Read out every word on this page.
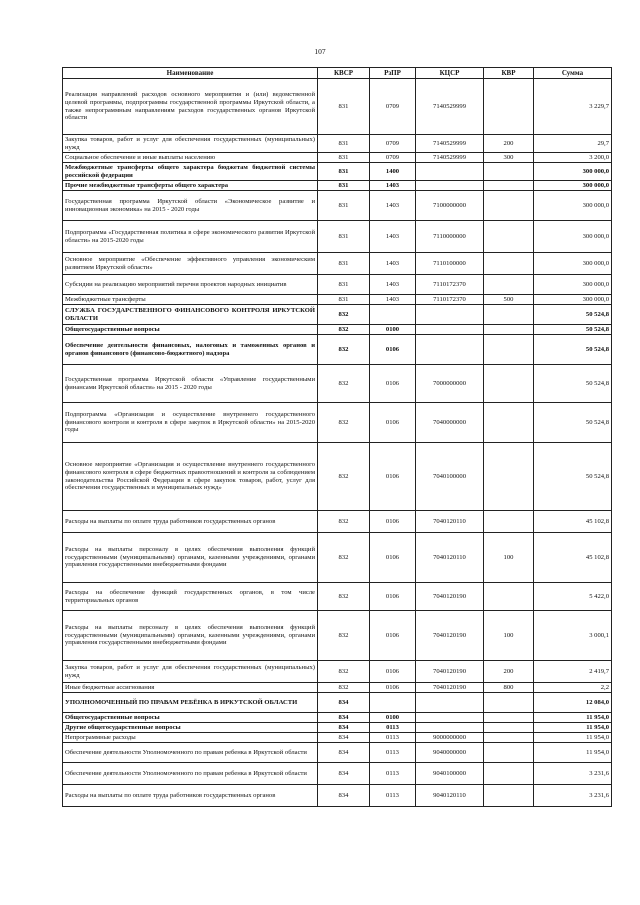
107
Наименование	КВСР	РзПР	КЦСР	КВР	Сумма
Реализация направлений расходов основного мероприятия и (или) ведомственной целевой программы, подпрограммы государственной программы Иркутской области, а также непрограммным направлениям расходов государственных органов Иркутской области	831	0709	7140529999		3 229,7
Закупка товаров, работ и услуг для обеспечения государственных (муниципальных) нужд	831	0709	7140529999	200	29,7
Социальное обеспечение и иные выплаты населению	831	0709	7140529999	300	3 200,0
Межбюджетные трансферты общего характера бюджетам бюджетной системы российской федерации	831	1400			300 000,0
Прочие межбюджетные трансферты общего характера	831	1403			300 000,0
Государственная программа Иркутской области «Экономическое развитие и инновационная экономика» на 2015 - 2020 годы	831	1403	7100000000		300 000,0
Подпрограмма «Государственная политика в сфере экономического развития Иркутской области» на 2015-2020 годы	831	1403	7110000000		300 000,0
Основное мероприятие «Обеспечение эффективного управления экономическим развитием Иркутской области»	831	1403	7110100000		300 000,0
Субсидии на реализацию мероприятий перечня проектов народных инициатив	831	1403	7110172370		300 000,0
Межбюджетные трансферты	831	1403	7110172370	500	300 000,0
СЛУЖБА ГОСУДАРСТВЕННОГО ФИНАНСОВОГО КОНТРОЛЯ ИРКУТСКОЙ ОБЛАСТИ	832				50 524,8
Общегосударственные вопросы	832	0100			50 524,8
Обеспечение деятельности финансовых, налоговых и таможенных органов и органов финансового (финансово-бюджетного) надзора	832	0106			50 524,8
Государственная программа Иркутской области «Управление государственными финансами Иркутской области» на 2015 - 2020 годы	832	0106	7000000000		50 524,8
Подпрограмма «Организация и осуществление внутреннего государственного финансового контроля и контроля в сфере закупок в Иркутской области» на 2015-2020 годы	832	0106	7040000000		50 524,8
Основное мероприятие «Организация и осуществление внутреннего государственного финансового контроля в сфере бюджетных правоотношений и контроля за соблюдением законодательства Российской Федерации в сфере закупок товаров, работ, услуг для обеспечения государственных и муниципальных нужд»	832	0106	7040100000		50 524,8
Расходы на выплаты по оплате труда работников государственных органов	832	0106	7040120110		45 102,8
Расходы на выплаты персоналу в целях обеспечения выполнения функций государственными (муниципальными) органами, казенными учреждениями, органами управления государственными внебюджетными фондами	832	0106	7040120110	100	45 102,8
Расходы на обеспечение функций государственных органов, в том числе территориальных органов	832	0106	7040120190		5 422,0
Расходы на выплаты персоналу в целях обеспечения выполнения функций государственными (муниципальными) органами, казенными учреждениями, органами управления государственными внебюджетными фондами	832	0106	7040120190	100	3 000,1
Закупка товаров, работ и услуг для обеспечения государственных (муниципальных) нужд	832	0106	7040120190	200	2 419,7
Иные бюджетные ассигнования	832	0106	7040120190	800	2,2
УПОЛНОМОЧЕННЫЙ ПО ПРАВАМ РЕБЁНКА В ИРКУТСКОЙ ОБЛАСТИ	834				12 084,0
Общегосударственные вопросы	834	0100			11 954,0
Другие общегосударственные вопросы	834	0113			11 954,0
Непрограммные расходы	834	0113	9000000000		11 954,0
Обеспечение деятельности Уполномоченного по правам ребенка в Иркутской области	834	0113	9040000000		11 954,0
Обеспечение деятельности Уполномоченного по правам ребенка в Иркутской области	834	0113	9040100000		3 231,6
Расходы на выплаты по оплате труда работников государственных органов	834	0113	9040120110		3 231,6
